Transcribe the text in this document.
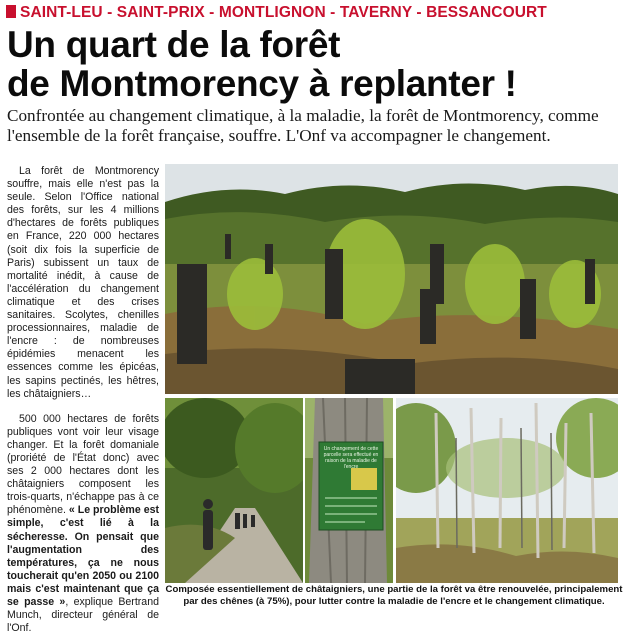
SAINT-LEU - SAINT-PRIX - MONTLIGNON - TAVERNY - BESSANCOURT
Un quart de la forêt
de Montmorency à replanter !
Confrontée au changement climatique, à la maladie, la forêt de Montmorency, comme l'ensemble de la forêt française, souffre. L'Onf va accompagner le changement.

La forêt de Montmorency souffre, mais elle n'est pas la seule. Selon l'Office national des forêts, sur les 4 millions d'hectares de forêts publiques en France, 220 000 hectares (soit dix fois la superficie de Paris) subissent un taux de mortalité inédit, à cause de l'accélération du changement climatique et des crises sanitaires. Scolytes, chenilles processionnaires, maladie de l'encre : de nombreuses épidémies menacent les essences comme les épicéas, les sapins pectinés, les hêtres, les châtaigniers…

500 000 hectares de forêts publiques vont voir leur visage changer. Et la forêt domaniale (proriété de l'État donc) avec ses 2 000 hectares dont les châtaigniers composent les trois-quarts, n'échappe pas à ce phénomène. « Le problème est simple, c'est lié à la sécheresse. On pensait que l'augmentation des températures, ça ne nous toucherait qu'en 2050 ou 2100 mais c'est maintenant que ça se passe », explique Bertrand Munch, directeur général de l'Onf.

Un changement de cette
parcelle sera effectué en
raison de la maladie de l'encre
Composée essentiellement de châtaigniers, une partie de la forêt va être renouvelée, principalement par des chênes (à 75%), pour lutter contre la maladie de l'encre et le changement climatique.
